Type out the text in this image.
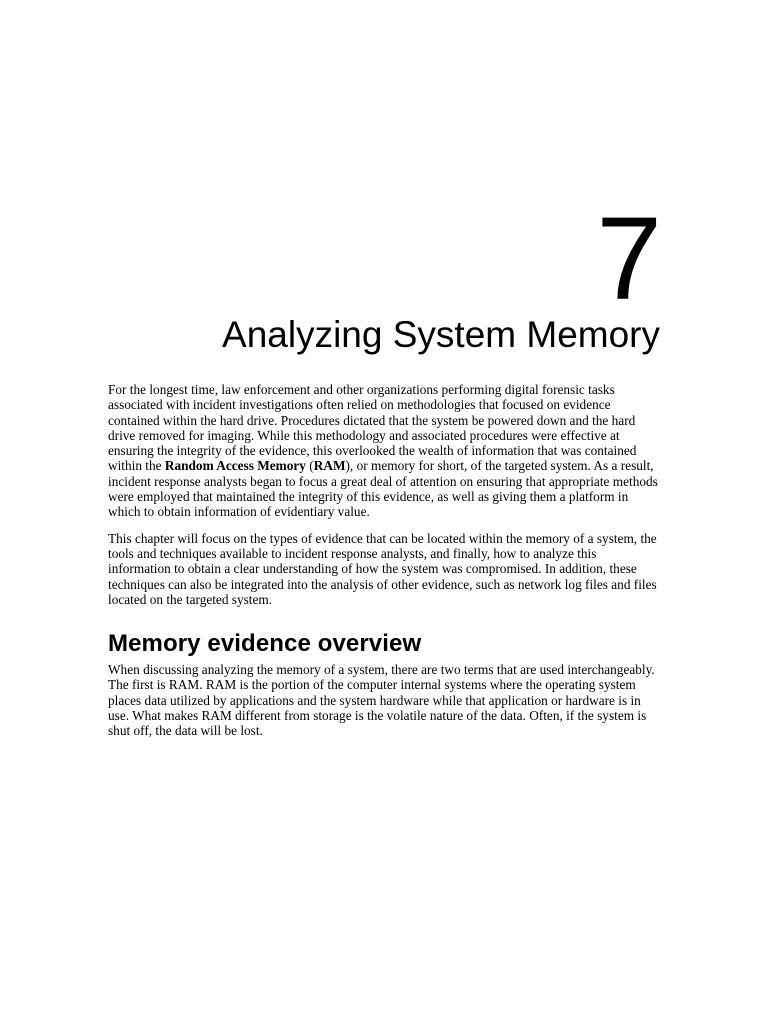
7
Analyzing System Memory

For the longest time, law enforcement and other organizations performing digital forensic tasks associated with incident investigations often relied on methodologies that focused on evidence contained within the hard drive. Procedures dictated that the system be powered down and the hard drive removed for imaging. While this methodology and associated procedures were effective at ensuring the integrity of the evidence, this overlooked the wealth of information that was contained within the Random Access Memory (RAM), or memory for short, of the targeted system. As a result, incident response analysts began to focus a great deal of attention on ensuring that appropriate methods were employed that maintained the integrity of this evidence, as well as giving them a platform in which to obtain information of evidentiary value.

This chapter will focus on the types of evidence that can be located within the memory of a system, the tools and techniques available to incident response analysts, and finally, how to analyze this information to obtain a clear understanding of how the system was compromised. In addition, these techniques can also be integrated into the analysis of other evidence, such as network log files and files located on the targeted system.

Memory evidence overview

When discussing analyzing the memory of a system, there are two terms that are used interchangeably. The first is RAM. RAM is the portion of the computer internal systems where the operating system places data utilized by applications and the system hardware while that application or hardware is in use. What makes RAM different from storage is the volatile nature of the data. Often, if the system is shut off, the data will be lost.
